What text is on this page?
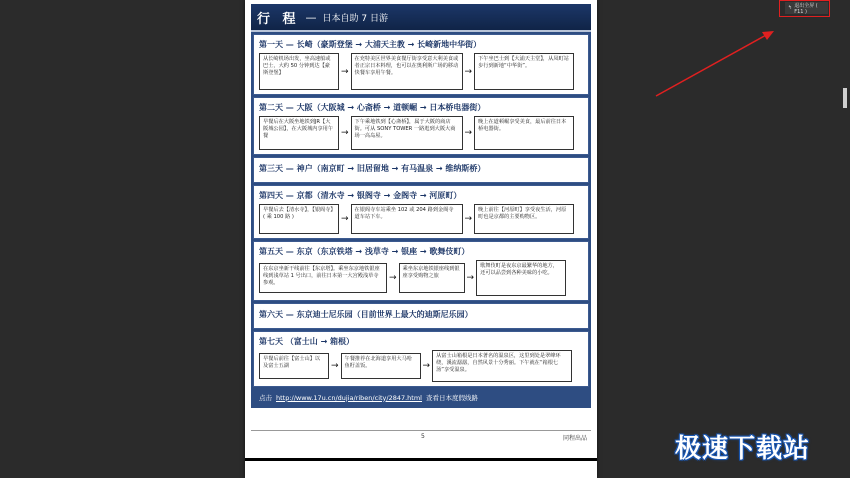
行 程 — 日本自助 7 日游
第一天 — 长崎（豪斯登堡 → 大浦天主教 → 长崎新地中华街）
从长崎机场出发，坐高速船或巴士，大约 50 分钟到达【豪斯登堡】	→
在充特美区世界美食餐厅街享受意大利美食或者正宗日本料理，也可以在奥利斯广场的移动快餐车享用午餐。	→
下午坐巴士到【大浦天主堂】，从凤町站步行到新地“中华街”。
第二天 — 大阪（大阪城 → 心斋桥 → 道顿崛 → 日本桥电器街）
早餐后在大阪坐地铁到JR【大阪城公园】，在大阪城内享用午餐	→
下午乘地铁到【心斋桥】，属于大阪的商店街。可从 SONY TOWER 一路逛到大阪大商场一高岛屋。	→
晚上在道顿崛享受美食，最后前往日本桥电器街。
第三天 — 神户（南京町 → 旧居留地 → 有马温泉 → 维纳斯桥）
第四天 — 京都（清水寺 → 银阁寺 → 金阁寺 → 河原町）
早餐后去【清水寺】，【银阁寺】( 乘 100 路 )	→
在银阁寺车站乘坐 102 或 204 路到金阁寺道车站下车。	→
晚上前往【河原町】享受夜生活，河原町也是京都的主要购物区。
第五天 — 东京（东京铁塔 → 浅草寺 → 银座 → 歌舞伎町）
在东京坐新干线前往【东京塔】。乘坐东京地铁银座线到浅草站 1 号出口，前往日本第一大宫殿浅草寺参观。	→
乘坐东京地铁银座线到银座享受购物之旅	→
歌舞伎町是夜东京最繁华的地方，还可以品尝到各种美味的小吃。
第六天 — 东京迪士尼乐园（目前世界上最大的迪斯尼乐园）
第七天 （富士山 → 箱根）
早餐后前往【富士山】以及富士五湖	→
午餐推荐在北海道享用大马哈鱼籽盖饭。	→
从富士山箱根是日本著名的温泉区，这里到处是翠峰环绕，溪流潺潺，自然风景十分秀丽。下午就在“箱根七汤”享受温泉。
点击 http://www.17u.cn/dujia/riben/city/2847.html 查看日本度假线路
5	同程出品
↰ 退出全屏 ( F11 )
极速下载站
